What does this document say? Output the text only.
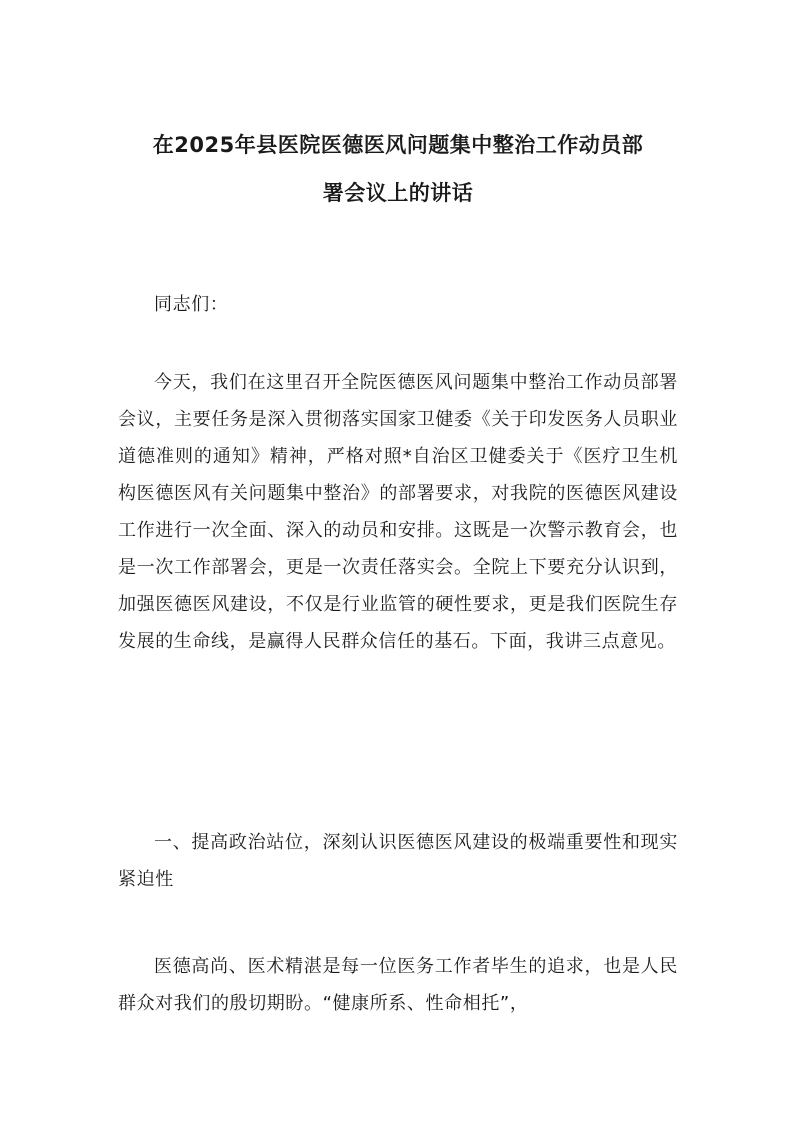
在2025年县医院医德医风问题集中整治工作动员部
署会议上的讲话

同志们：

今天，我们在这里召开全院医德医风问题集中整治工作动员部署会议，主要任务是深入贯彻落实国家卫健委《关于印发医务人员职业道德准则的通知》精神，严格对照*自治区卫健委关于《医疗卫生机构医德医风有关问题集中整治》的部署要求，对我院的医德医风建设工作进行一次全面、深入的动员和安排。这既是一次警示教育会，也是一次工作部署会，更是一次责任落实会。全院上下要充分认识到，加强医德医风建设，不仅是行业监管的硬性要求，更是我们医院生存发展的生命线，是赢得人民群众信任的基石。下面，我讲三点意见。

一、提高政治站位，深刻认识医德医风建设的极端重要性和现实紧迫性

医德高尚、医术精湛是每一位医务工作者毕生的追求，也是人民群众对我们的殷切期盼。“健康所系、性命相托”，
